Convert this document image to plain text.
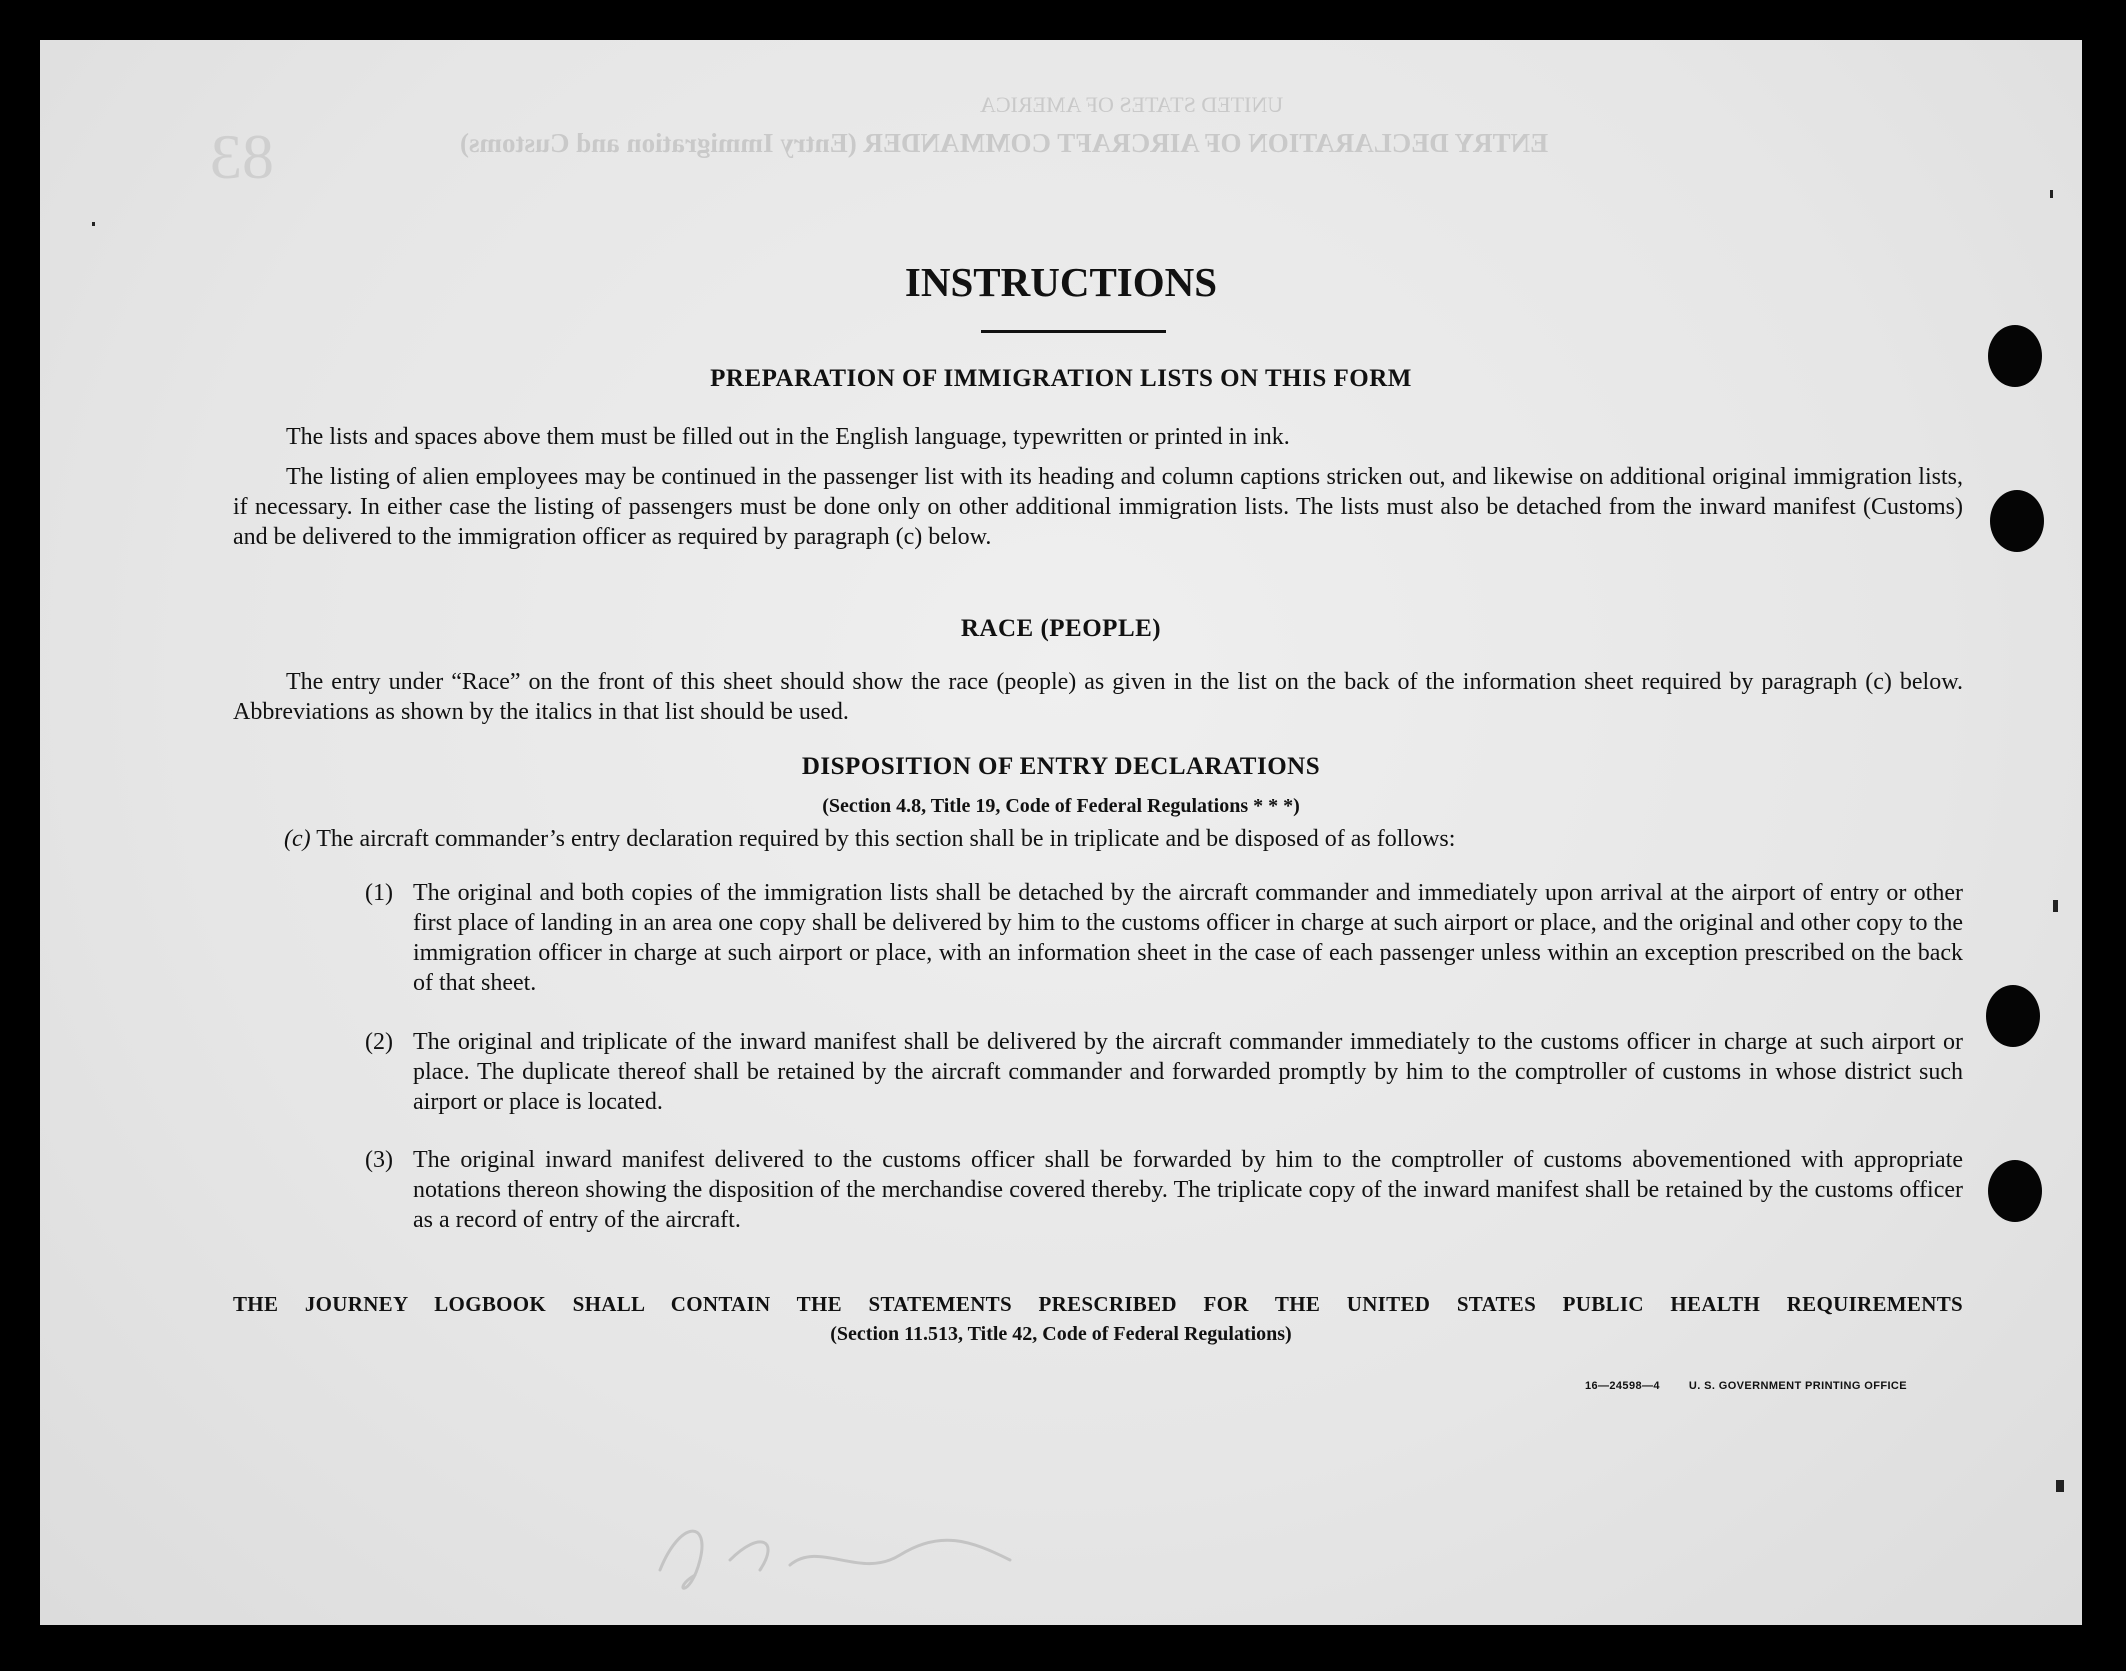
83
UNITED STATES OF AMERICA
ENTRY DECLARATION OF AIRCRAFT COMMANDER (Entry Immigration and Customs)
INSTRUCTIONS
PREPARATION OF IMMIGRATION LISTS ON THIS FORM
The lists and spaces above them must be filled out in the English language, typewritten or printed in ink.
The listing of alien employees may be continued in the passenger list with its heading and column captions stricken out, and likewise on additional original immigration lists, if necessary. In either case the listing of passengers must be done only on other additional immigration lists. The lists must also be detached from the inward manifest (Customs) and be delivered to the immigration officer as required by paragraph (c) below.
RACE (PEOPLE)
The entry under “Race” on the front of this sheet should show the race (people) as given in the list on the back of the information sheet required by paragraph (c) below. Abbreviations as shown by the italics in that list should be used.
DISPOSITION OF ENTRY DECLARATIONS
(Section 4.8, Title 19, Code of Federal Regulations * * *)
(c) The aircraft commander’s entry declaration required by this section shall be in triplicate and be disposed of as follows:
(1) The original and both copies of the immigration lists shall be detached by the aircraft commander and immediately upon arrival at the airport of entry or other first place of landing in an area one copy shall be delivered by him to the customs officer in charge at such airport or place, and the original and other copy to the immigration officer in charge at such airport or place, with an information sheet in the case of each passenger unless within an exception prescribed on the back of that sheet.
(2) The original and triplicate of the inward manifest shall be delivered by the aircraft commander immediately to the customs officer in charge at such airport or place. The duplicate thereof shall be retained by the aircraft commander and forwarded promptly by him to the comptroller of customs in whose district such airport or place is located.
(3) The original inward manifest delivered to the customs officer shall be forwarded by him to the comptroller of customs abovementioned with appropriate notations thereon showing the disposition of the merchandise covered thereby. The triplicate copy of the inward manifest shall be retained by the customs officer as a record of entry of the aircraft.
THE JOURNEY LOGBOOK SHALL CONTAIN THE STATEMENTS PRESCRIBED FOR THE UNITED STATES PUBLIC HEALTH REQUIREMENTS
(Section 11.513, Title 42, Code of Federal Regulations)
16—24598—4	U. S. GOVERNMENT PRINTING OFFICE
